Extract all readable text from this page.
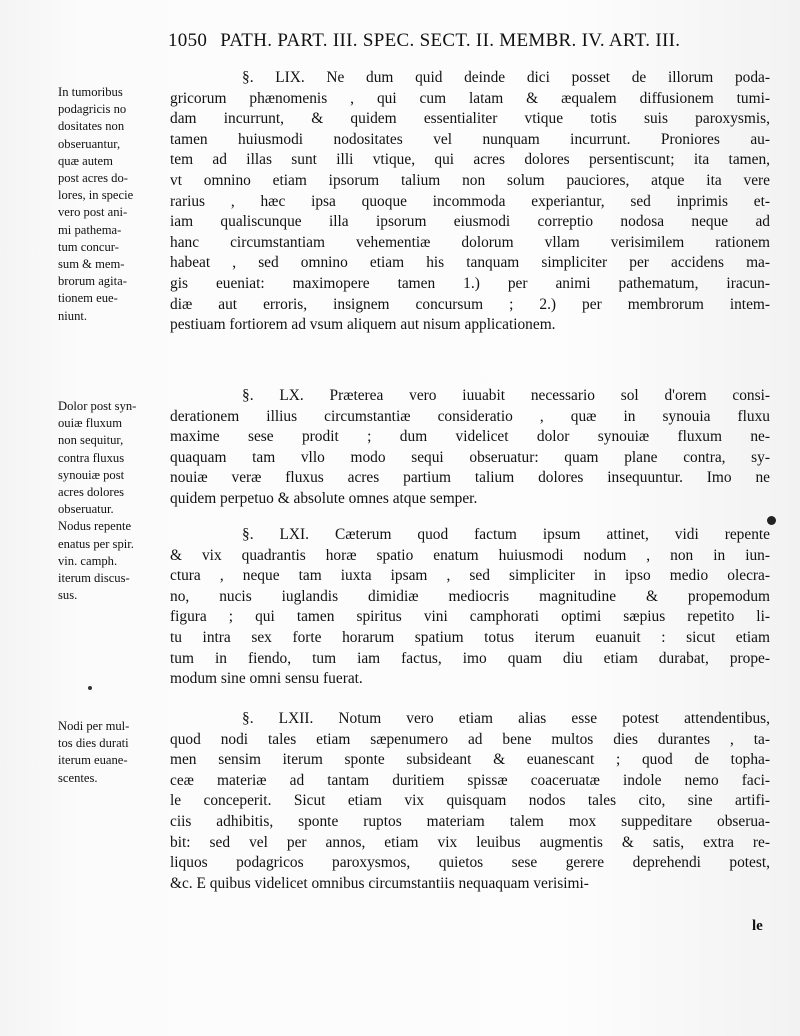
1050 PATH. PART. III. SPEC. SECT. II. MEMBR. IV. ART. III.
In tumoribus
podagricis no
dositates non
obseruantur,
quæ autem
post acres do-
lores, in specie
vero post ani-
mi pathema-
tum concur-
sum & mem-
brorum agita-
tionem eue-
niunt.
Dolor post syn-
ouiæ fluxum
non sequitur,
contra fluxus
synouiæ post
acres dolores
obseruatur.
Nodus repente
enatus per spir.
vin. camph.
iterum discus-
sus.
Nodi per mul-
tos dies durati
iterum euane-
scentes.
§. LIX. Ne dum quid deinde dici posset de illorum poda-
gricorum phænomenis , qui cum latam & æqualem diffusionem tumi-
dam incurrunt, & quidem essentialiter vtique totis suis paroxysmis,
tamen huiusmodi nodositates vel nunquam incurrunt. Proniores au-
tem ad illas sunt illi vtique, qui acres dolores persentiscunt; ita tamen,
vt omnino etiam ipsorum talium non solum pauciores, atque ita vere
rarius , hæc ipsa quoque incommoda experiantur, sed inprimis et-
iam qualiscunque illa ipsorum eiusmodi correptio nodosa neque ad
hanc circumstantiam vehementiæ dolorum vllam verisimilem rationem
habeat , sed omnino etiam his tanquam simpliciter per accidens ma-
gis eueniat: maximopere tamen 1.) per animi pathematum, iracun-
diæ aut erroris, insignem concursum ; 2.) per membrorum intem-
pestiuam fortiorem ad vsum aliquem aut nisum applicationem.
§. LX. Præterea vero iuuabit necessario sol d'orem consi-
derationem illius circumstantiæ consideratio , quæ in synouia fluxu
maxime sese prodit ; dum videlicet dolor synouiæ fluxum ne-
quaquam tam vllo modo sequi obseruatur: quam plane contra, sy-
nouiæ veræ fluxus acres partium talium dolores insequuntur. Imo ne
quidem perpetuo & absolute omnes atque semper.
§. LXI. Cæterum quod factum ipsum attinet, vidi repente
& vix quadrantis horæ spatio enatum huiusmodi nodum , non in iun-
ctura , neque tam iuxta ipsam , sed simpliciter in ipso medio olecra-
no, nucis iuglandis dimidiæ mediocris magnitudine & propemodum
figura ; qui tamen spiritus vini camphorati optimi sæpius repetito li-
tu intra sex forte horarum spatium totus iterum euanuit : sicut etiam
tum in fiendo, tum iam factus, imo quam diu etiam durabat, prope-
modum sine omni sensu fuerat.
§. LXII. Notum vero etiam alias esse potest attendentibus,
quod nodi tales etiam sæpenumero ad bene multos dies durantes , ta-
men sensim iterum sponte subsideant & euanescant ; quod de topha-
ceæ materiæ ad tantam duritiem spissæ coaceruatæ indole nemo faci-
le conceperit. Sicut etiam vix quisquam nodos tales cito, sine artifi-
ciis adhibitis, sponte ruptos materiam talem mox suppeditare obserua-
bit: sed vel per annos, etiam vix leuibus augmentis & satis, extra re-
liquos podagricos paroxysmos, quietos sese gerere deprehendi potest,
&c. E quibus videlicet omnibus circumstantiis nequaquam verisimi-
le
